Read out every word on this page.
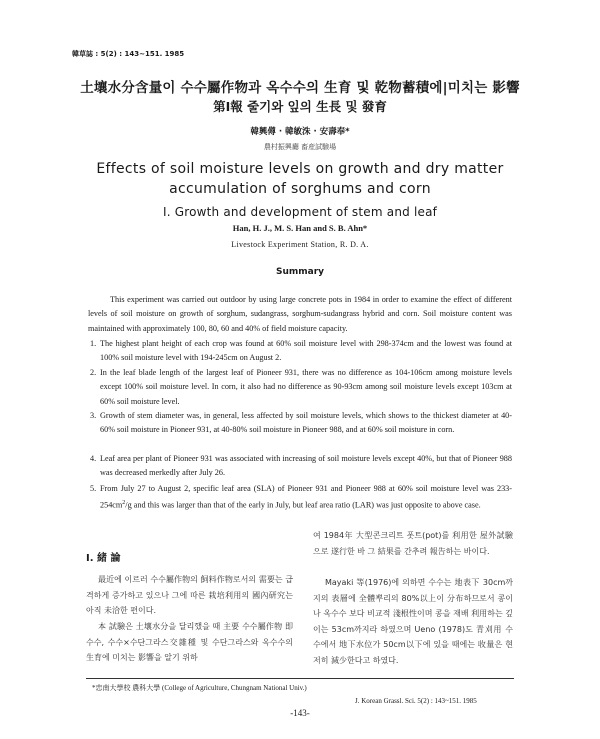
韓草誌 : 5(2) : 143~151. 1985
土壤水分含量이 수수屬作物과 옥수수의 生育 및 乾物蓄積에|미치는 影響
第Ⅰ報 줄기와 잎의 生長 및 發育
韓興僔 · 韓敏洙 · 安壽奉*
農村振興廳 畜産試驗場
Effects of soil moisture levels on growth and dry matter
accumulation of sorghums and corn
Ⅰ. Growth and development of stem and leaf
Han, H. J., M. S. Han and S. B. Ahn*
Livestock Experiment Station, R. D. A.
Summary
This experiment was carried out outdoor by using large concrete pots in 1984 in order to examine the effect of different levels of soil moisture on growth of sorghum, sudangrass, sorghum-sudangrass hybrid and corn. Soil moisture content was maintained with approximately 100, 80, 60 and 40% of field moisture capacity.
1. The highest plant height of each crop was found at 60% soil moisture level with 298-374cm and the lowest was found at 100% soil moisture level with 194-245cm on August 2.
2. In the leaf blade length of the largest leaf of Pioneer 931, there was no difference as 104-106cm among moisture levels except 100% soil moisture level. In corn, it also had no difference as 90-93cm among soil moisture levels except 103cm at 60% soil moisture level.
3. Growth of stem diameter was, in general, less affected by soil moisture levels, which shows to the thickest diameter at 40-60% soil moisture in Pioneer 931, at 40-80% soil moisture in Pioneer 988, and at 60% soil moisture in corn.
4. Leaf area per plant of Pioneer 931 was associated with increasing of soil moisture levels except 40%, but that of Pioneer 988 was decreased merkedly after July 26.
5. From July 27 to August 2, specific leaf area (SLA) of Pioneer 931 and Pioneer 988 at 60% soil moisture level was $233-254cm^2/g$ and this was larger than that of the early in July, but leaf area ratio (LAR) was just opposite to above case.
Ⅰ. 緒 論
最近에 이르러 수수屬作物의 飼料作物로서의 需要는 급격하게 증가하고 있으나 그에 따른 栽培利用의 國內研究는 아직 未洽한 편이다.
本 試驗은 土壤水分을 달리했을 때 主要 수수屬作物 即 수수, 수수×수단그라스交雜種 및 수단그라스와 옥수수의 生育에 미치는 影響을 알기 위하
여 1984年 大型콘크리트 폿트(pot)를 利用한 屋外試驗으로 遂行한 바 그 結果를 간추려 報告하는 바이다.
Mayaki 等(1976)에 의하면 수수는 地表下 30cm까지의 表層에 全體뿌리의 80%以上이 分布하므로서 콩이나 옥수수 보다 비교적 淺根性이며 콩을 재배 利用하는 깊이는 53cm까지라 하였으며 Ueno (1978)도 青刈用 수수에서 地下水位가 50cm以下에 있을 때에는 收量은 현저히 減少한다고 하였다.
*忠南大學校 農科大學 (College of Agriculture, Chungnam National Univ.)
J. Korean Grassl. Sci. 5(2) : 143~151. 1985
-143-
